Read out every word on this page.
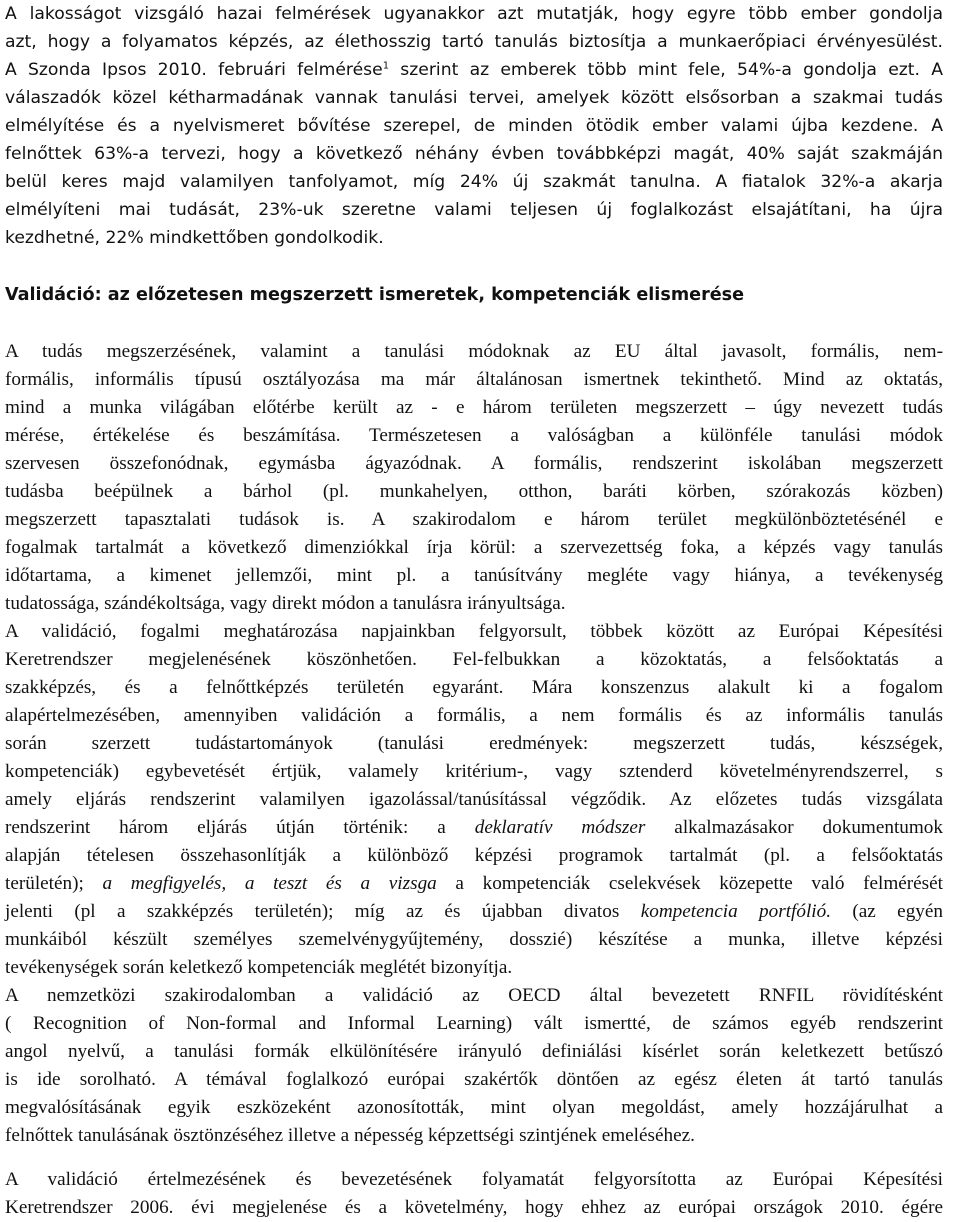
A lakosságot vizsgáló hazai felmérések ugyanakkor azt mutatják, hogy egyre több ember gondolja
azt, hogy a folyamatos képzés, az élethosszig tartó tanulás biztosítja a munkaerőpiaci érvényesülést.
A Szonda Ipsos 2010. februári felmérése$^1$ szerint az emberek több mint fele, 54%-a gondolja ezt. A
válaszadók közel kétharmadának vannak tanulási tervei, amelyek között elsősorban a szakmai tudás
elmélyítése és a nyelvismeret bővítése szerepel, de minden ötödik ember valami újba kezdene. A
felnőttek 63%-a tervezi, hogy a következő néhány évben továbbképzi magát, 40% saját szakmáján
belül keres majd valamilyen tanfolyamot, míg 24% új szakmát tanulna. A fiatalok 32%-a akarja
elmélyíteni mai tudását, 23%-uk szeretne valami teljesen új foglalkozást elsajátítani, ha újra
kezdhetné, 22% mindkettőben gondolkodik.
Validáció: az előzetesen megszerzett ismeretek, kompetenciák elismerése
A tudás megszerzésének, valamint a tanulási módoknak az EU által javasolt, formális, nem-
formális, informális típusú osztályozása ma már általánosan ismertnek tekinthető. Mind az oktatás,
mind a munka világában előtérbe került az - e három területen megszerzett – úgy nevezett tudás
mérése, értékelése és beszámítása. Természetesen a valóságban a különféle tanulási módok
szervesen összefonódnak, egymásba ágyazódnak. A formális, rendszerint iskolában megszerzett
tudásba beépülnek a bárhol (pl. munkahelyen, otthon, baráti körben, szórakozás közben)
megszerzett tapasztalati tudások is. A szakirodalom e három terület megkülönböztetésénél e
fogalmak tartalmát a következő dimenziókkal írja körül: a szervezettség foka, a képzés vagy tanulás
időtartama, a kimenet jellemzői, mint pl. a tanúsítvány megléte vagy hiánya, a tevékenység
tudatossága, szándékoltsága, vagy direkt módon a tanulásra irányultsága.
A validáció, fogalmi meghatározása napjainkban felgyorsult, többek között az Európai Képesítési
Keretrendszer megjelenésének köszönhetően. Fel-felbukkan a közoktatás, a felsőoktatás a
szakképzés, és a felnőttképzés területén egyaránt. Mára konszenzus alakult ki a fogalom
alapértelmezésében, amennyiben validáción a formális, a nem formális és az informális tanulás
során szerzett tudástartományok (tanulási eredmények: megszerzett tudás, készségek,
kompetenciák) egybevetését értjük, valamely kritérium-, vagy sztenderd követelményrendszerrel, s
amely eljárás rendszerint valamilyen igazolással/tanúsítással végződik. Az előzetes tudás vizsgálata
rendszerint három eljárás útján történik: a deklaratív módszer alkalmazásakor dokumentumok
alapján tételesen összehasonlítják a különböző képzési programok tartalmát (pl. a felsőoktatás
területén); a megfigyelés, a teszt és a vizsga a kompetenciák cselekvések közepette való felmérését
jelenti (pl a szakképzés területén); míg az és újabban divatos kompetencia portfólió. (az egyén
munkáiból készült személyes szemelvénygyűjtemény, dosszié) készítése a munka, illetve képzési
tevékenységek során keletkező kompetenciák meglétét bizonyítja.
A nemzetközi szakirodalomban a validáció az OECD által bevezetett RNFIL rövidítésként
( Recognition of Non-formal and Informal Learning) vált ismertté, de számos egyéb rendszerint
angol nyelvű, a tanulási formák elkülönítésére irányuló definiálási kísérlet során keletkezett betűszó
is ide sorolható. A témával foglalkozó európai szakértők döntően az egész életen át tartó tanulás
megvalósításának egyik eszközeként azonosították, mint olyan megoldást, amely hozzájárulhat a
felnőttek tanulásának ösztönzéséhez illetve a népesség képzettségi szintjének emeléséhez.
A validáció értelmezésének és bevezetésének folyamatát felgyorsította az Európai Képesítési
Keretrendszer 2006. évi megjelenése és a követelmény, hogy ehhez az európai országok 2010. égére
